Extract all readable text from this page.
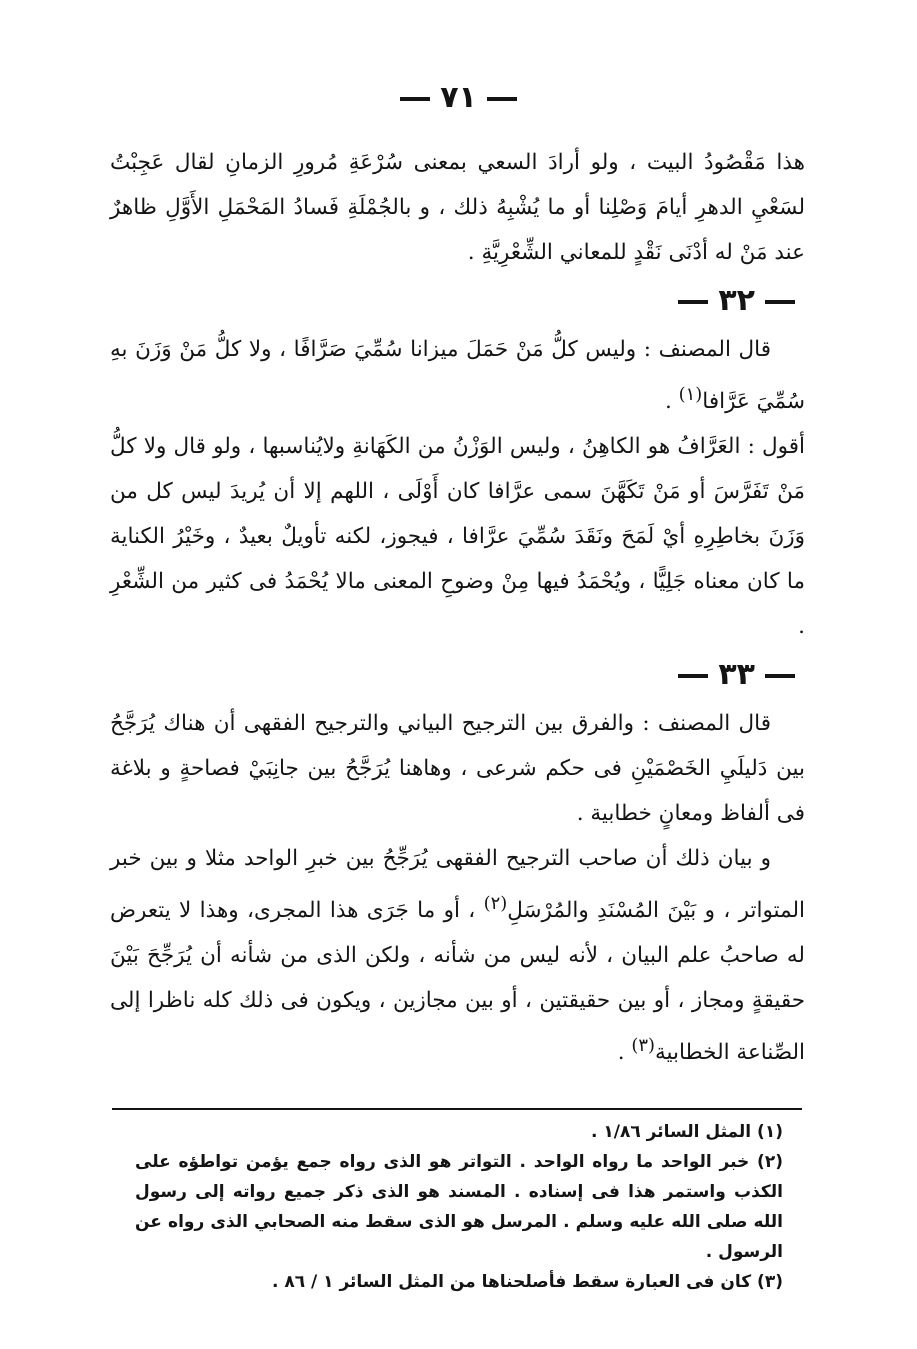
٧١

هذا مَقْصُودُ البيت ، ولو أرادَ السعي بمعنى سُرْعَةِ مُرورِ الزمانِ لقال عَجِبْتُ لسَعْيِ الدهرِ أيامَ وَصْلِنا أو ما يُشْبِهُ ذلك ، و بالجُمْلَةِ فَسادُ المَحْمَلِ الأَوَّلِ ظاهرٌ عند مَنْ له أدْنَى نَقْدٍ للمعاني الشِّعْرِيَّةِ .

٣٢

قال المصنف : وليس كلُّ مَنْ حَمَلَ ميزانا سُمِّيَ صَرَّافًا ، ولا كلُّ مَنْ وَزَنَ بهِ سُمِّيَ عَرَّافا$^{(١)}$ .

أقول : العَرَّافُ هو الكاهِنُ ، وليس الوَزْنُ من الكَهَانةِ ولايُناسبها ، ولو قال ولا كلُّ مَنْ تَفَرَّسَ أو مَنْ تَكَهَّنَ سمى عرَّافا كان أَوْلَى ، اللهم إلا أن يُريدَ ليس كل من وَزَنَ بخاطِرِهِ أيْ لَمَحَ ونَقَدَ سُمِّيَ عرَّافا ، فيجوز، لكنه تأويلٌ بعيدٌ ، وخَيْرُ الكناية ما كان معناه جَلِيًّا ، ويُحْمَدُ فيها مِنْ وضوحِ المعنى مالا يُحْمَدُ فى كثير من الشِّعْرِ .

٣٣

قال المصنف : والفرق بين الترجيح البياني والترجيح الفقهى أن هناك يُرَجَّحُ بين دَليلَيِ الخَصْمَيْنِ فى حكم شرعى ، وهاهنا يُرَجَّحُ بين جانِبَيْ فصاحةٍ و بلاغة فى ألفاظ ومعانٍ خطابية .

و بيان ذلك أن صاحب الترجيح الفقهى يُرَجِّحُ بين خبرِ الواحد مثلا و بين خبر المتواتر ، و بَيْنَ المُسْنَدِ والمُرْسَلِ$^{(٢)}$ ، أو ما جَرَى هذا المجرى، وهذا لا يتعرض له صاحبُ علم البيان ، لأنه ليس من شأنه ، ولكن الذى من شأنه أن يُرَجِّحَ بَيْنَ حقيقةٍ ومجاز ، أو بين حقيقتين ، أو بين مجازين ، ويكون فى ذلك كله ناظرا إلى الصِّناعة الخطابية$^{(٣)}$ .

(١) المثل السائر ١/٨٦ .

(٢) خبر الواحد ما رواه الواحد . التواتر هو الذى رواه جمع يؤمن تواطؤه على الكذب واستمر هذا فى إسناده . المسند هو الذى ذكر جميع رواته إلى رسول الله صلى الله عليه وسلم . المرسل هو الذى سقط منه الصحابي الذى رواه عن الرسول .

(٣) كان فى العبارة سقط فأصلحناها من المثل السائر ١ / ٨٦ .
